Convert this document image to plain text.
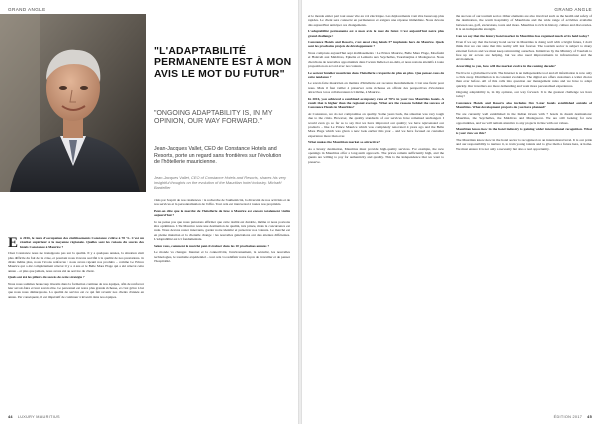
GRAND ANGLE
"L'ADAPTABILITÉ PERMANENTE EST À MON AVIS LE MOT DU FUTUR"
"ONGOING ADAPTABILITY IS, IN MY OPINION, OUR WAY FORWARD."
Jean-Jacques Vallet, CEO de Constance Hotels and Resorts, porte un regard sans frontières sur l'évolution de l'hôtellerie mauricienne.
Jean-Jacques Vallet, CEO of Constance Hotels and Resorts, shares his very insightful thoughts on the evolution of the Mauritian hotel industry. Michaël Bardellier

En 2016, le taux d'occupation des établissements Constance s'élève à 78 %. C'est un résultat supérieur à la moyenne régionale. Quelles sont les raisons du succès des hôtels Constance à Maurice ?

Chez Constance nous ne transigeons pas sur la qualité. Il y a quelques années, la situation était plus difficile du fait de la crise, et pourtant nous n'avons sacrifié à la qualité de nos prestations. Je dirais même plus, nous l'avons renforcée : nous avons rajeuni nos produits – comme Le Prince Maurice qui a été complètement rénové il y a 4 ans et le Belle Mare Plage qui a été rénové cette année – et plus que jamais, nous avons été au service du client.

Quels ont été les piliers du succès de cette stratégie ?

Nous nous sommes beaucoup investis dans la formation continue de nos équipes, afin de renforcer leur savoir-faire et leur savoir-être. Le personnel est notre plus grande richesse, et c'est grâce à lui que nous nous démarquons. La qualité de service est ce qui fait revenir nos clients d'année en année. Par conséquent, il est impératif de continuer à investir dans nos équipes.

vités par l'esprit de nos résidences : la recherche de l'authenticité, la diversité de nos activités et de nos services et la personnalisation de l'offre. Tout cela est transversal à toutes nos propriétés.

Peut-on dire que le marché de l'hôtellerie de luxe à Maurice est encore totalement viable aujourd'hui ?

Je ne pense pas que nous puissions affirmer que cette réalité est durable, même si nous pouvons être optimistes. L'île Maurice reste une destination de qualité, très prisée, mais la concurrence est rude. Nous devons rester innovants, garder notre identité et préserver nos valeurs. Le marché est en pleine mutation et la clientèle change : les nouvelles générations ont des attentes différentes. L'adaptabilité est ici fondamentale.

Selon vous, comment le marché peut-il évoluer dans les 10 prochaines années ?

Le monde va changer. Internet et la connectivité, l'environnement, la sécurité, les nouvelles technologies, le tourisme expérientiel – tout cela va redéfinir notre façon de travailler et de penser l'hospitalité.

44 LUXURY MAURITIUS
GRAND ANGLE

et le monde entier part tout assez vite au vol électrique. Les déplacements vont être beaucoup plus rapides. Le client sera connecté en permanence et exigera une réponse immédiate. Nous devons dès aujourd'hui anticiper ces changements.

L'adaptabilité permanente est à mon avis le mot du futur. C'est aujourd'hui notre plus grand challenge !

Constance Hotels and Resorts, c'est aussi cinq hôtels 5* implantés hors de Maurice. Quels sont les prochains projets de développement ?

Nous comptons aujourd'hui sept établissements : Le Prince Maurice, Belle Mare Plage, Moofushi et Halaveli aux Maldives, Ephelia et Lemuria aux Seychelles, Tsarabanjina à Madagascar. Nous cherchons de nouvelles opportunités dans l'océan Indien et au-delà, et nous restons attentifs à toute proposition en accord avec nos valeurs.

Le secteur hôtelier mauricien dans l'hôtellerie s'expatrie de plus en plus. Que pensez-vous de cette tendance ?

Le savoir-faire mauricien en matière d'hôtellerie est reconnu mondialement. C'est une fierté pour nous. Mais il faut veiller à préserver cette richesse en offrant des perspectives d'évolution attractives à nos collaborateurs ici même, à Maurice.

In 2016, you achieved a combined occupancy rate of 78% in your two Mauritius hotels. A result that is higher than the regional average. What are the reasons behind the success of Constance Hotels in Mauritius?

At Constance, we do not compromise on quality. Some years back, the situation was very tough due to the crisis. However, the quality standards of our services have remained unchanged. I would even go so far as to say that we have improved our quality; we have rejuvenated our products – like Le Prince Maurice which was completely renovated 4 years ago and the Belle Mare Plage which was given a new look earlier this year – and we have focused on customer experience more than ever.

What makes the Mauritian market so attractive?

As a luxury destination, Mauritius must provide high-quality services. For example, the new openings in Mauritius offer a long-term approach. The prices remain sufficiently high, and the guests are willing to pay for authenticity and quality. This is the independence that we want to preserve.

the success of our tourism sector. Other elements are also involved such as the health and safety of the destination, the warm hospitality of Mauritians and the wide range of activities available between sea, golf, excursions, tours and more. Mauritius is rich in history, culture and discoveries. It is an indisputable strength.

Can we say that the luxury hotel market in Mauritius has regained much of its hold today?

Even if we say that the luxury hotel sector in Mauritius is doing well with a bright future, I don't think that we can state that this reality will last forever. The tourism sector is subject to many external factors and we must keep reinventing ourselves. Initiatives by the Ministry of Tourism to free up air access are helping, but we also need improvements in infrastructure and the environment.

According to you, how will the market evolve in the coming decade?

We live in a globalised world. The Internet is an indispensable tool and all information is now only a click away. Distribution is in constant evolution. The digital era offers customers a wider choice than ever before. All of this calls into question our management rules and we have to adapt quickly. Our travellers are more demanding and want more personalised experiences.

Ongoing adaptability is, in my opinion, our way forward. It is the greatest challenge we have today!

Constance Hotels and Resorts also includes five 5-star hotels established outside of Mauritius. What development projects do you have planned?

We are currently well established in the Indian Ocean with 7 hotels in dream destinations: Mauritius, the Seychelles, the Maldives and Madagascar. We are still looking for new opportunities, and we will remain attentive to any projects in line with our values.

Mauritian know-how in the hotel industry is gaining wider international recognition. What is your view on this?

The Mauritian know-how in the hotel sector is recognised on an international level. It is our pride and our responsibility to nurture it, to train young talents and to give them a future here, at home. We must ensure it is not only a necessity but also a real opportunity.

ÉDITION 2017 45
